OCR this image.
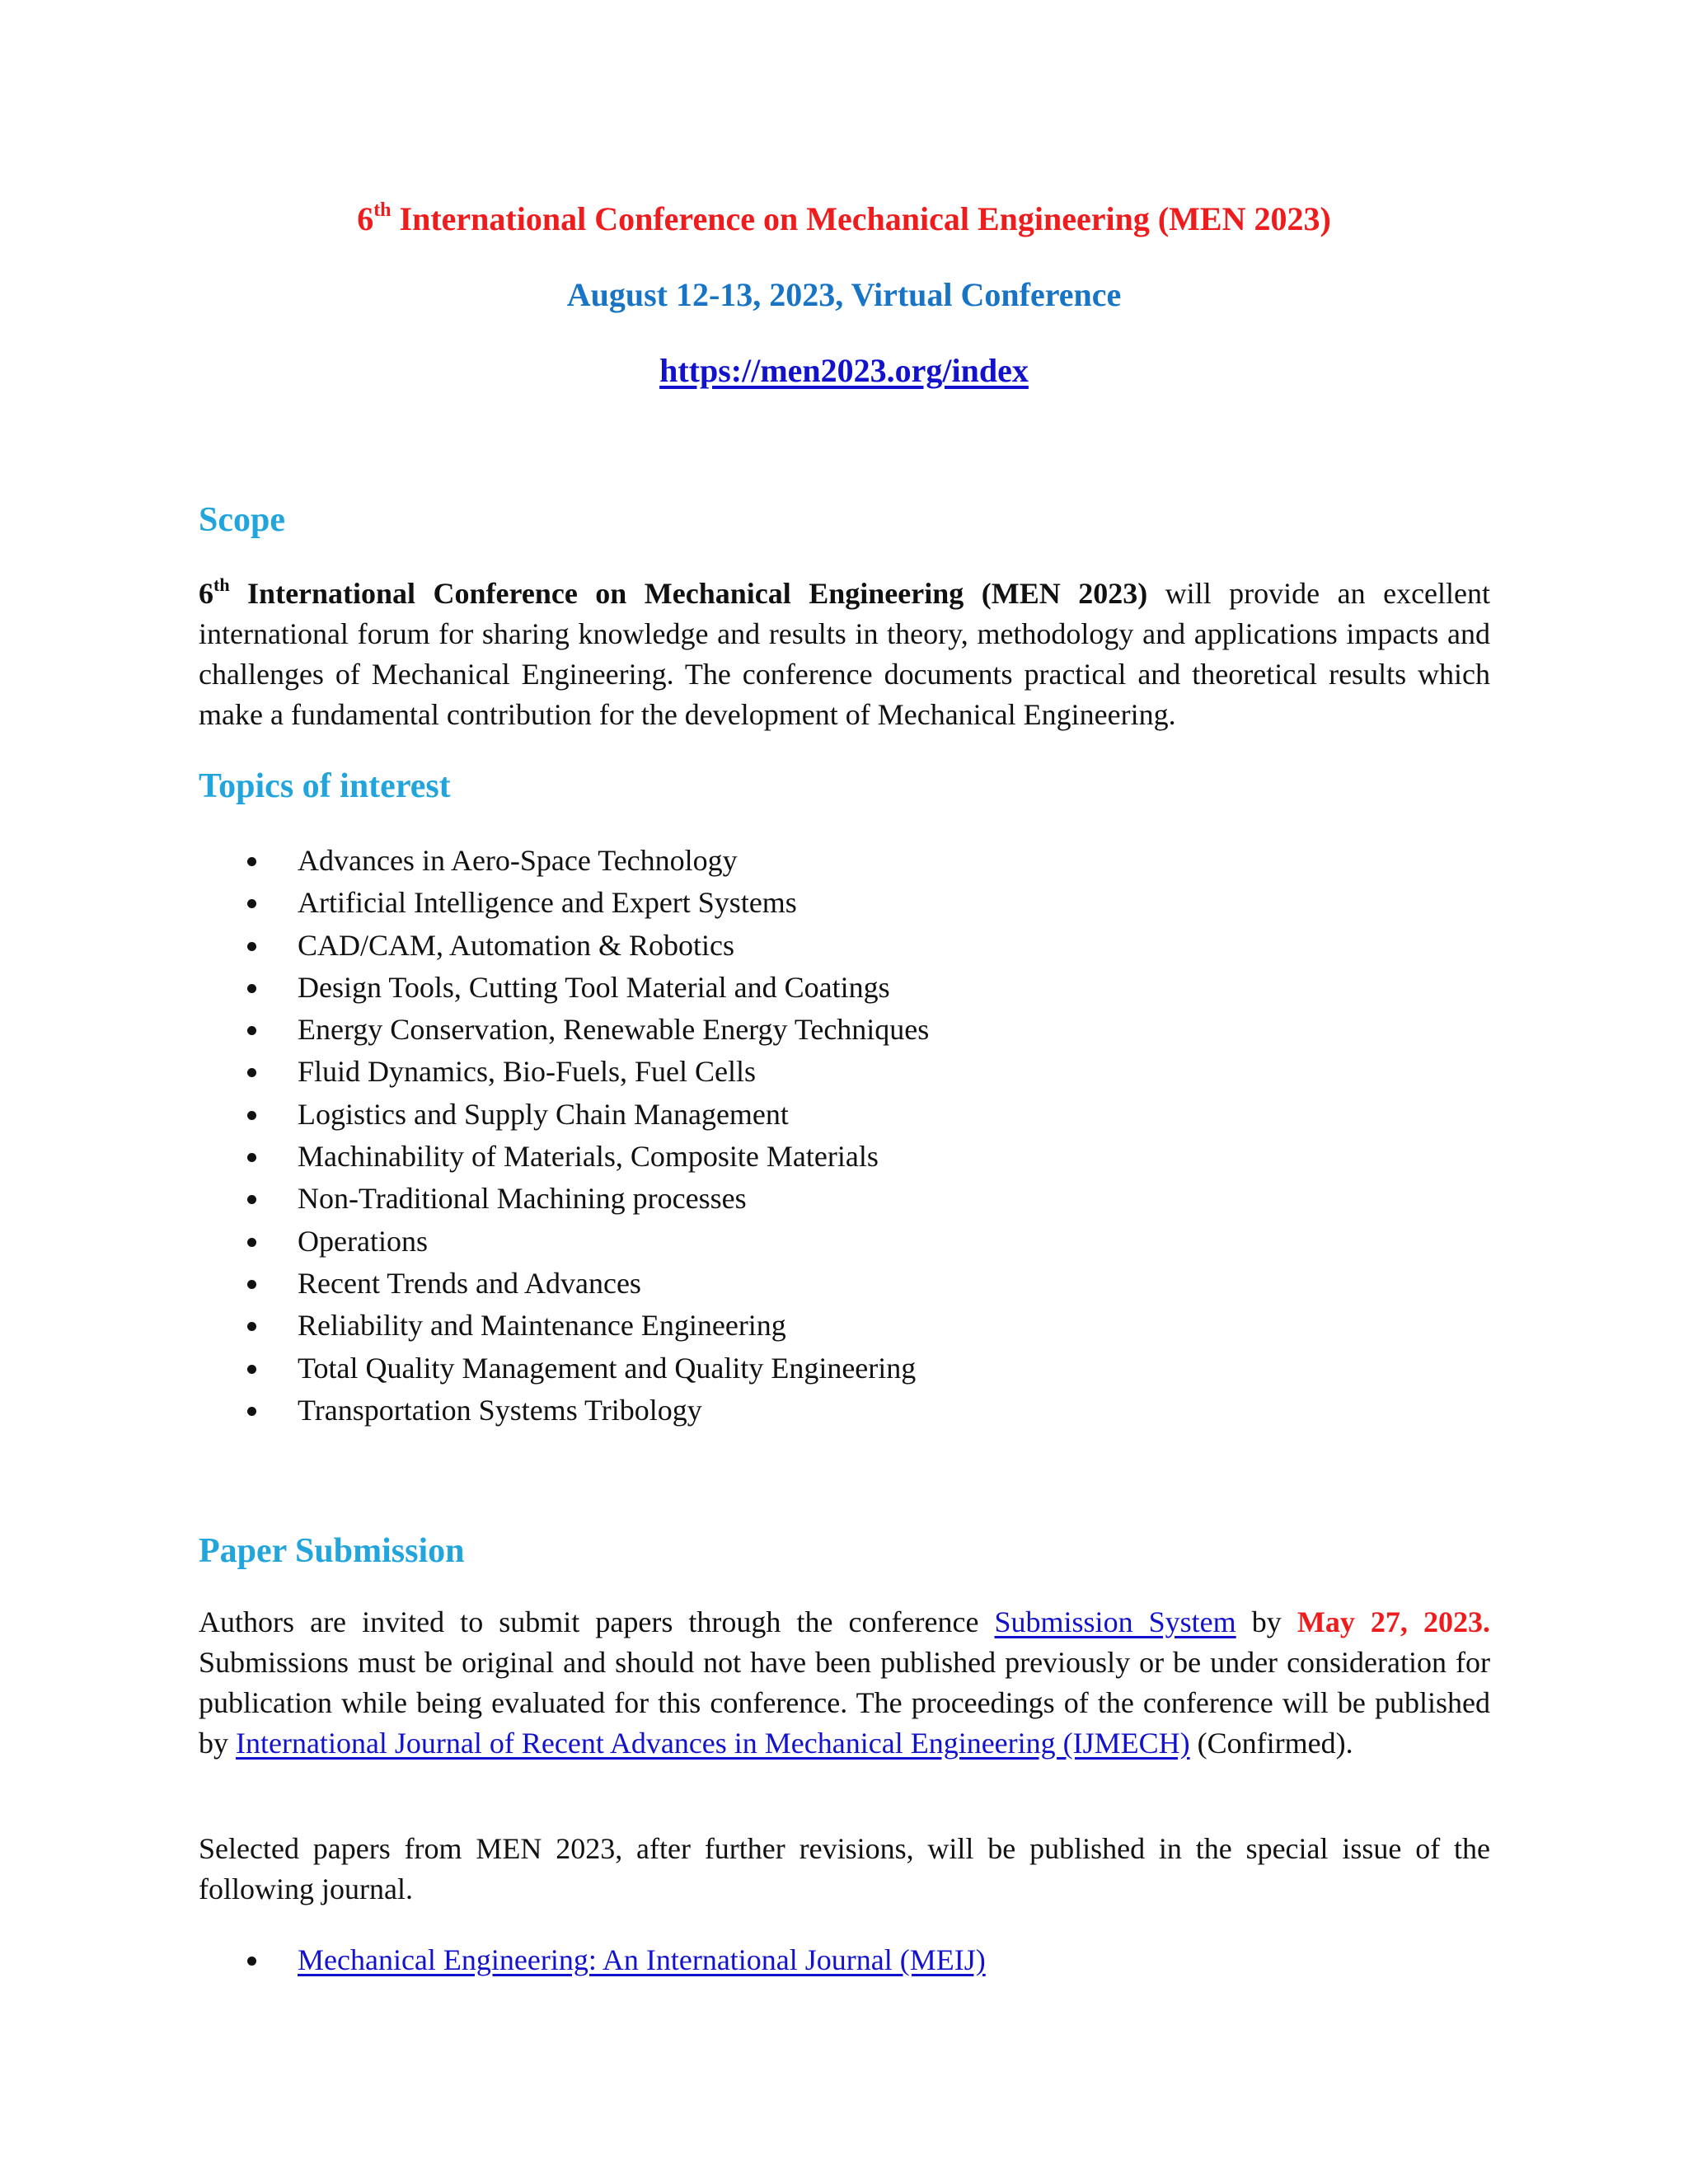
6th International Conference on Mechanical Engineering (MEN 2023)
August 12-13, 2023, Virtual Conference
https://men2023.org/index
Scope
6th International Conference on Mechanical Engineering (MEN 2023) will provide an excellent international forum for sharing knowledge and results in theory, methodology and applications impacts and challenges of Mechanical Engineering. The conference documents practical and theoretical results which make a fundamental contribution for the development of Mechanical Engineering.
Topics of interest
Advances in Aero-Space Technology
Artificial Intelligence and Expert Systems
CAD/CAM, Automation & Robotics
Design Tools, Cutting Tool Material and Coatings
Energy Conservation, Renewable Energy Techniques
Fluid Dynamics, Bio-Fuels, Fuel Cells
Logistics and Supply Chain Management
Machinability of Materials, Composite Materials
Non-Traditional Machining processes
Operations
Recent Trends and Advances
Reliability and Maintenance Engineering
Total Quality Management and Quality Engineering
Transportation Systems Tribology
Paper Submission
Authors are invited to submit papers through the conference Submission System by May 27, 2023. Submissions must be original and should not have been published previously or be under consideration for publication while being evaluated for this conference. The proceedings of the conference will be published by International Journal of Recent Advances in Mechanical Engineering (IJMECH) (Confirmed).
Selected papers from MEN 2023, after further revisions, will be published in the special issue of the following journal.
Mechanical Engineering: An International Journal (MEIJ)
